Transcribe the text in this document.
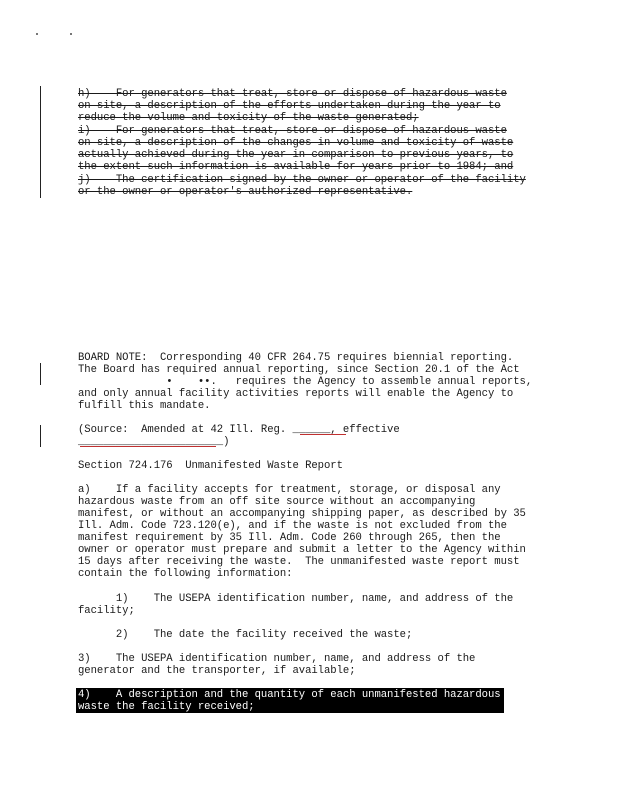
h)    For generators that treat, store or dispose of hazardous waste
on site, a description of the efforts undertaken during the year to
reduce the volume and toxicity of the waste generated;
i)    For generators that treat, store or dispose of hazardous waste
on site, a description of the changes in volume and toxicity of waste
actually achieved during the year in comparison to previous years, to
the extent such information is available for years prior to 1984; and
j)    The certification signed by the owner or operator of the facility
or the owner or operator's authorized representative.
BOARD NOTE:  Corresponding 40 CFR 264.75 requires biennial reporting.
The Board has required annual reporting, since Section 20.1 of the Act
•    ••.   requires the Agency to assemble annual reports,
and only annual facility activities reports will enable the Agency to
fulfill this mandate.
(Source:  Amended at 42 Ill. Reg. ______, effective
_______________________)
Section 724.176  Unmanifested Waste Report
a)    If a facility accepts for treatment, storage, or disposal any
hazardous waste from an off site source without an accompanying
manifest, or without an accompanying shipping paper, as described by 35
Ill. Adm. Code 723.120(e), and if the waste is not excluded from the
manifest requirement by 35 Ill. Adm. Code 260 through 265, then the
owner or operator must prepare and submit a letter to the Agency within
15 days after receiving the waste.  The unmanifested waste report must
contain the following information:
1)    The USEPA identification number, name, and address of the
facility;
2)    The date the facility received the waste;
3)    The USEPA identification number, name, and address of the
generator and the transporter, if available;
4)    A description and the quantity of each unmanifested hazardous
waste the facility received;
